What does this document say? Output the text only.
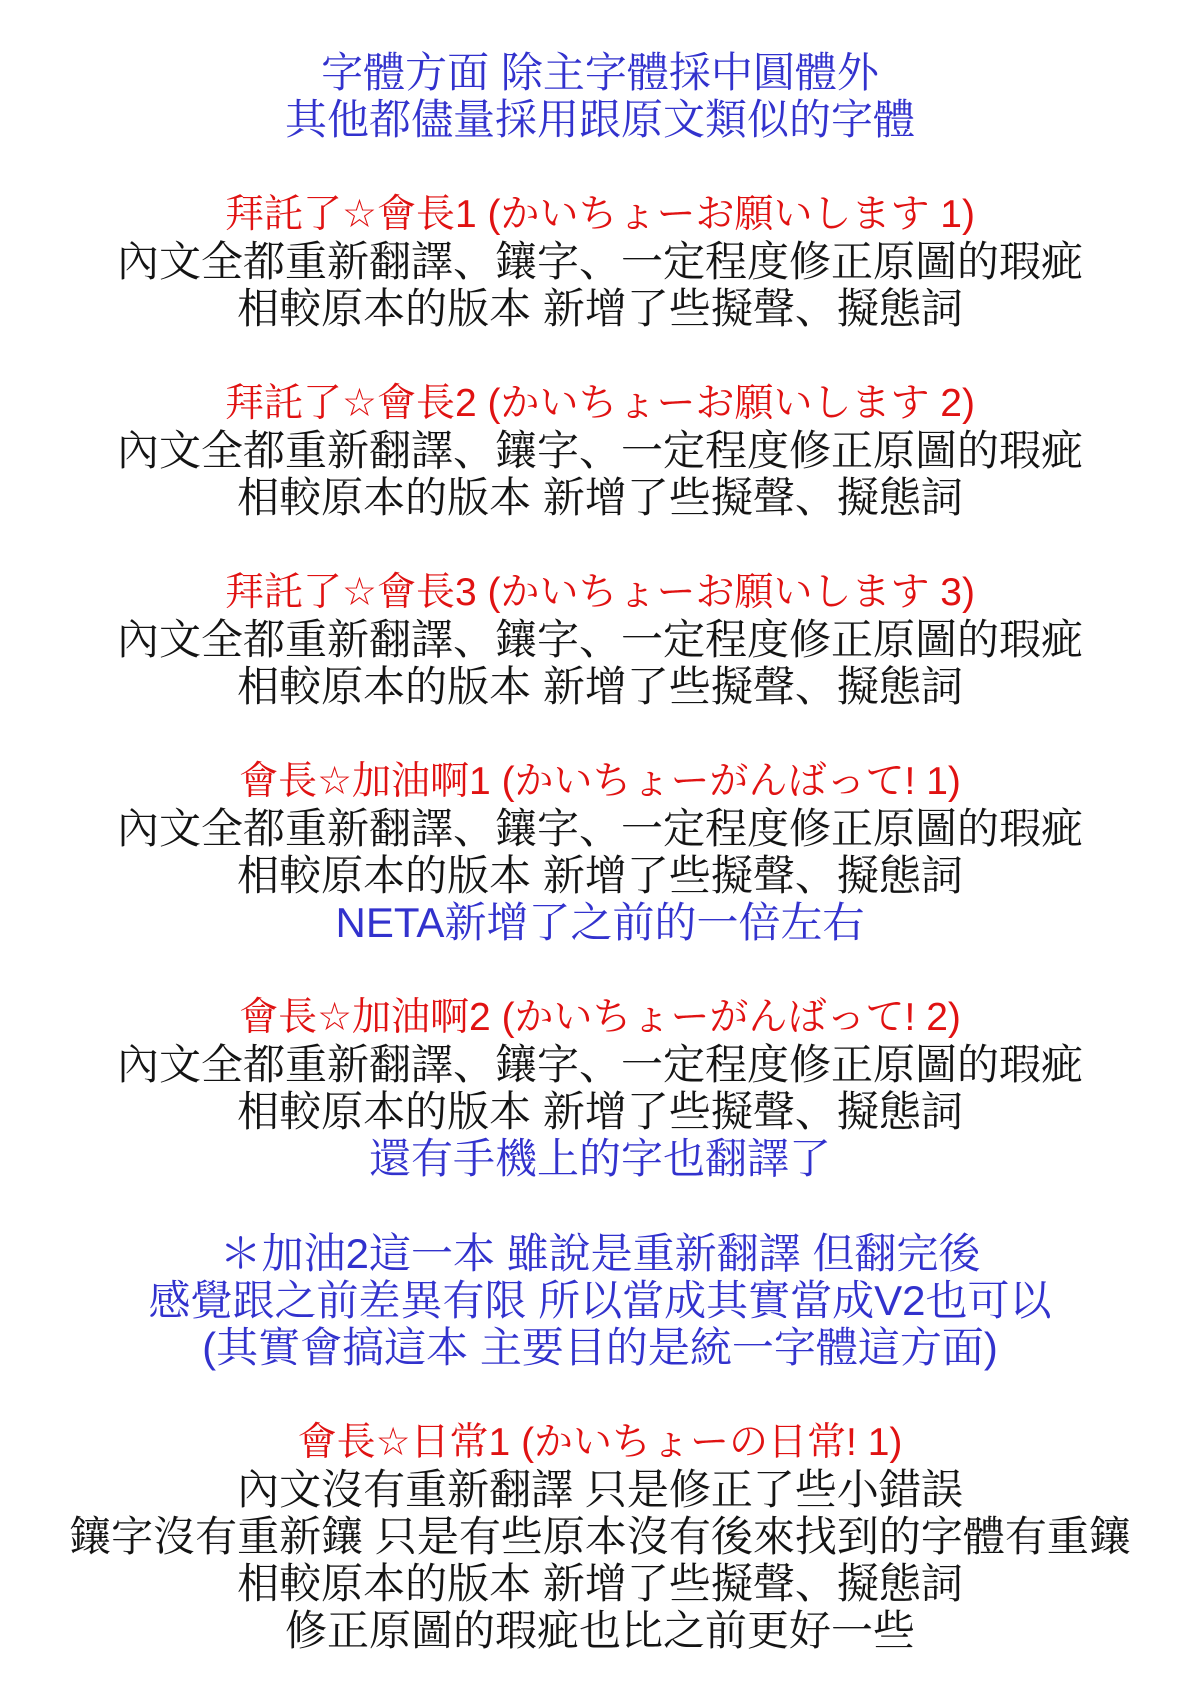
字體方面 除主字體採中圓體外

其他都儘量採用跟原文類似的字體

拜託了☆會長1 (かいちょーお願いします 1)

內文全都重新翻譯、鑲字、一定程度修正原圖的瑕疵

相較原本的版本 新增了些擬聲、擬態詞

拜託了☆會長2 (かいちょーお願いします 2)

內文全都重新翻譯、鑲字、一定程度修正原圖的瑕疵

相較原本的版本 新增了些擬聲、擬態詞

拜託了☆會長3 (かいちょーお願いします 3)

內文全都重新翻譯、鑲字、一定程度修正原圖的瑕疵

相較原本的版本 新增了些擬聲、擬態詞

會長☆加油啊1 (かいちょーがんばって! 1)

內文全都重新翻譯、鑲字、一定程度修正原圖的瑕疵

相較原本的版本 新增了些擬聲、擬態詞

NETA新增了之前的一倍左右

會長☆加油啊2 (かいちょーがんばって! 2)

內文全都重新翻譯、鑲字、一定程度修正原圖的瑕疵

相較原本的版本 新增了些擬聲、擬態詞

還有手機上的字也翻譯了

＊加油2這一本 雖說是重新翻譯 但翻完後

感覺跟之前差異有限 所以當成其實當成V2也可以

(其實會搞這本 主要目的是統一字體這方面)

會長☆日常1 (かいちょーの日常! 1)

內文沒有重新翻譯 只是修正了些小錯誤

鑲字沒有重新鑲 只是有些原本沒有後來找到的字體有重鑲

相較原本的版本 新增了些擬聲、擬態詞

修正原圖的瑕疵也比之前更好一些
